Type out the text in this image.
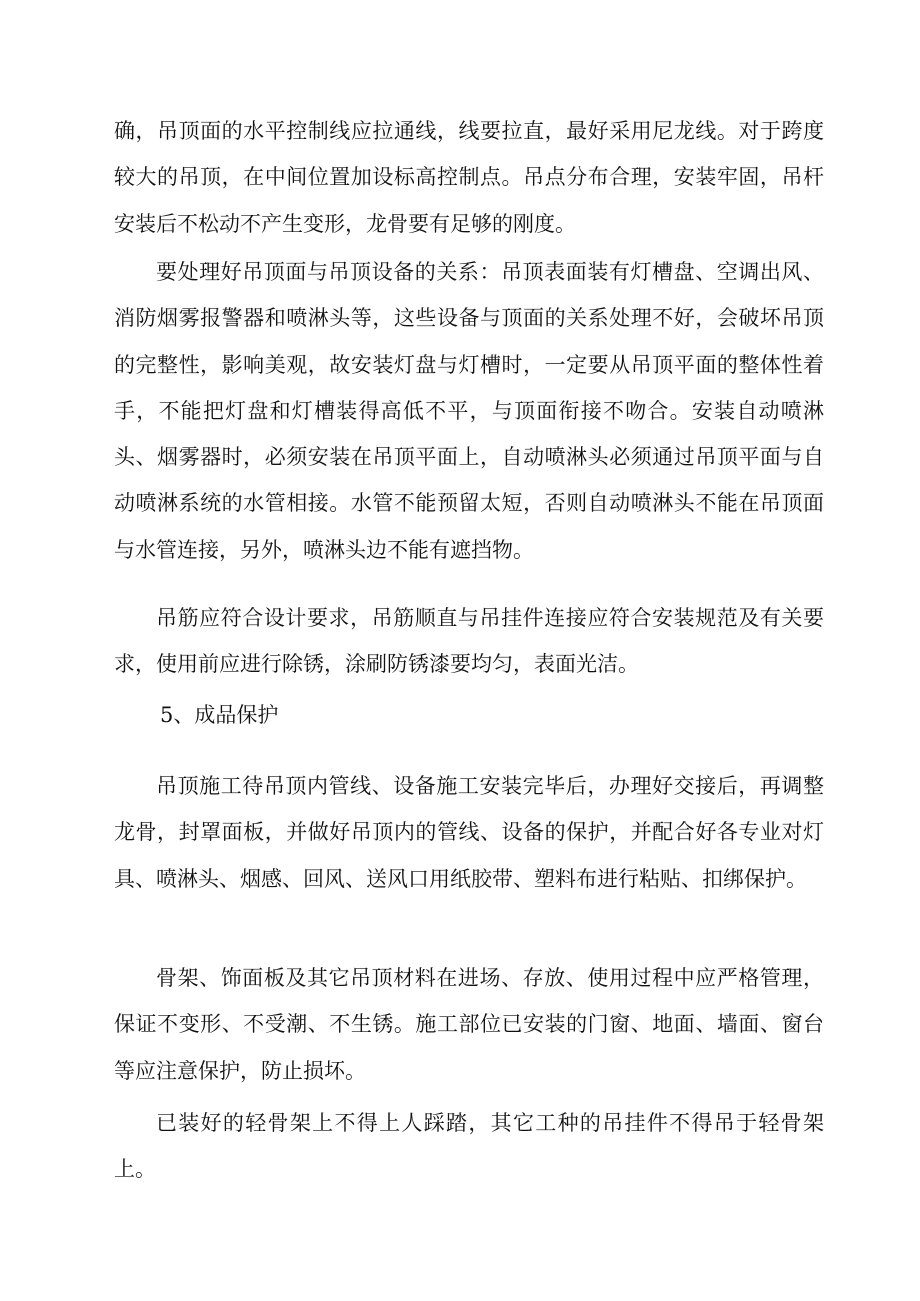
确，吊顶面的水平控制线应拉通线，线要拉直，最好采用尼龙线。对于跨度较大的吊顶，在中间位置加设标高控制点。吊点分布合理，安装牢固，吊杆安装后不松动不产生变形，龙骨要有足够的刚度。

要处理好吊顶面与吊顶设备的关系：吊顶表面装有灯槽盘、空调出风、消防烟雾报警器和喷淋头等，这些设备与顶面的关系处理不好，会破坏吊顶的完整性，影响美观，故安装灯盘与灯槽时，一定要从吊顶平面的整体性着手，不能把灯盘和灯槽装得高低不平，与顶面衔接不吻合。安装自动喷淋头、烟雾器时，必须安装在吊顶平面上，自动喷淋头必须通过吊顶平面与自动喷淋系统的水管相接。水管不能预留太短，否则自动喷淋头不能在吊顶面与水管连接，另外，喷淋头边不能有遮挡物。

吊筋应符合设计要求，吊筋顺直与吊挂件连接应符合安装规范及有关要求，使用前应进行除锈，涂刷防锈漆要均匀，表面光洁。

5、成品保护

吊顶施工待吊顶内管线、设备施工安装完毕后，办理好交接后，再调整龙骨，封罩面板，并做好吊顶内的管线、设备的保护，并配合好各专业对灯具、喷淋头、烟感、回风、送风口用纸胶带、塑料布进行粘贴、扣绑保护。

骨架、饰面板及其它吊顶材料在进场、存放、使用过程中应严格管理，保证不变形、不受潮、不生锈。施工部位已安装的门窗、地面、墙面、窗台等应注意保护，防止损坏。

已装好的轻骨架上不得上人踩踏，其它工种的吊挂件不得吊于轻骨架上。
